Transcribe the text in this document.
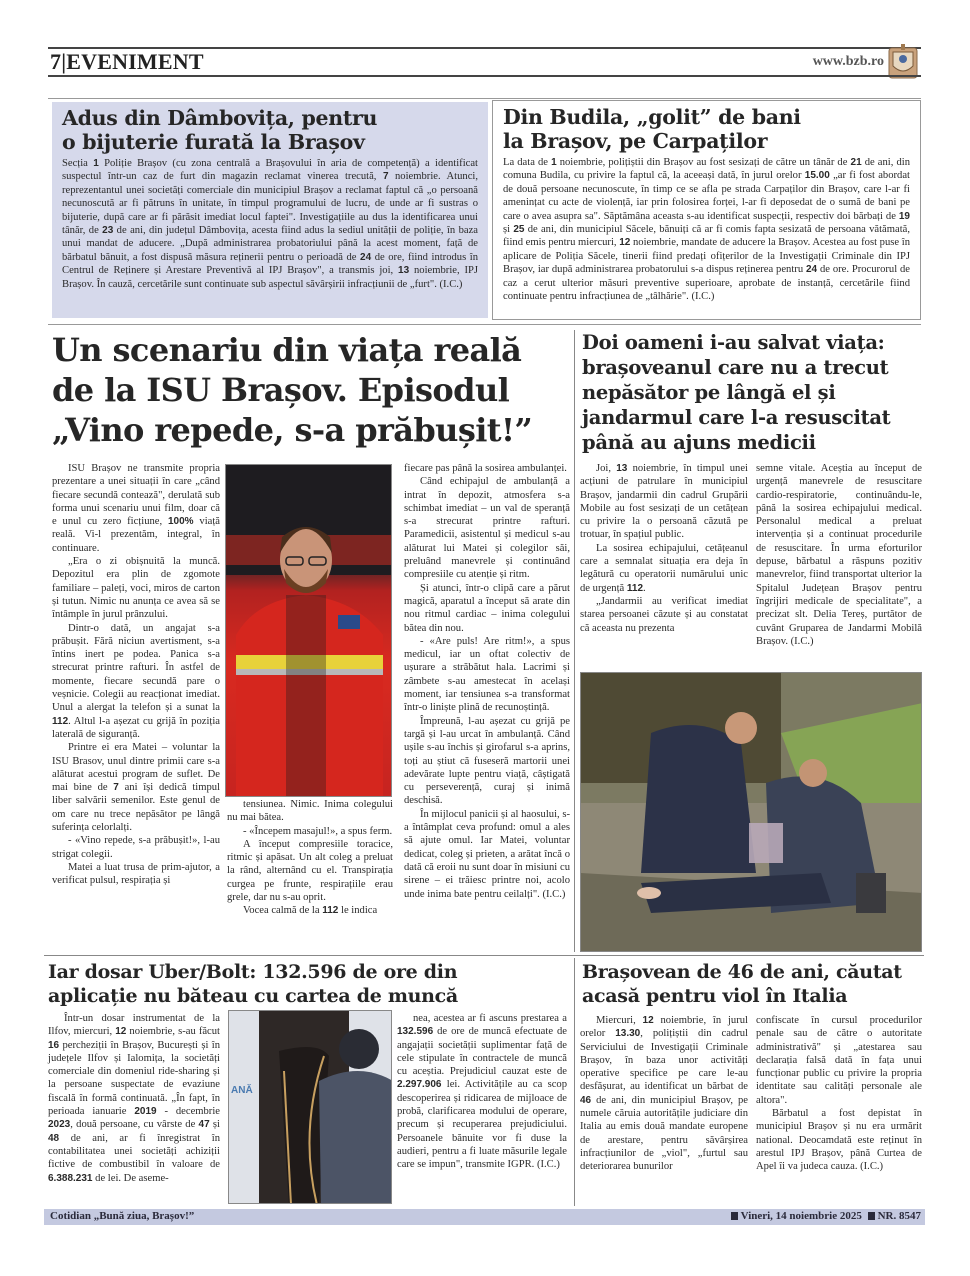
7|EVENIMENT	www.bzb.ro
Adus din Dâmbovița, pentru o bijuterie furată la Brașov
Secția 1 Poliție Brașov (cu zona centrală a Brașovului în aria de competență) a identificat suspectul într-un caz de furt din magazin reclamat vinerea trecută, 7 noiembrie. Atunci, reprezentantul unei societăți comerciale din municipiul Brașov a reclamat faptul că „o persoană necunoscută ar fi pătruns în unitate, în timpul programului de lucru, de unde ar fi sustras o bijuterie, după care ar fi părăsit imediat locul faptei". Investigațiile au dus la identificarea unui tânăr, de 23 de ani, din județul Dâmbovița, acesta fiind adus la sediul unității de poliție, în baza unui mandat de aducere. „După administrarea probatoriului până la acest moment, față de bărbatul bănuit, a fost dispusă măsura reținerii pentru o perioadă de 24 de ore, fiind introdus în Centrul de Reținere și Arestare Preventivă al IPJ Brașov", a transmis joi, 13 noiembrie, IPJ Brașov. În cauză, cercetările sunt continuate sub aspectul săvârșirii infracțiunii de „furt". (I.C.)
Din Budila, „golit” de bani la Brașov, pe Carpaților
La data de 1 noiembrie, polițiștii din Brașov au fost sesizați de către un tânăr de 21 de ani, din comuna Budila, cu privire la faptul că, la aceeași dată, în jurul orelor 15.00 „ar fi fost abordat de două persoane necunoscute, în timp ce se afla pe strada Carpaților din Brașov, care l-ar fi amenințat cu acte de violență, iar prin folosirea forței, l-ar fi deposedat de o sumă de bani pe care o avea asupra sa". Săptămâna aceasta s-au identificat suspecții, respectiv doi bărbați de 19 și 25 de ani, din municipiul Săcele, bănuiți că ar fi comis fapta sesizată de persoana vătămată, fiind emis pentru miercuri, 12 noiembrie, mandate de aducere la Brașov. Acestea au fost puse în aplicare de Poliția Săcele, tinerii fiind predați ofițerilor de la Investigații Criminale din IPJ Brașov, iar după administrarea probatorului s-a dispus reținerea pentru 24 de ore. Procurorul de caz a cerut ulterior măsuri preventive superioare, aprobate de instanță, cercetările fiind continuate pentru infracțiunea de „tâlhărie". (I.C.)
Un scenariu din viața reală de la ISU Brașov. Episodul „Vino repede, s-a prăbușit!”

ISU Brașov ne transmite propria prezentare a unei situații în care „când fiecare secundă contează", derulată sub forma unui scenariu unui film, doar că e unul cu zero ficțiune, 100% viață reală. Vi-l prezentăm, integral, în continuare.

„Era o zi obișnuită la muncă. Depozitul era plin de zgomote familiare – paleți, voci, miros de carton și tutun. Nimic nu anunța ce avea să se întâmple în jurul prânzului.

Dintr-o dată, un angajat s-a prăbușit. Fără niciun avertisment, s-a întins inert pe podea. Panica s-a strecurat printre rafturi. În astfel de momente, fiecare secundă pare o veșnicie. Colegii au reacționat imediat. Unul a alergat la telefon și a sunat la 112. Altul l-a așezat cu grijă în poziția laterală de siguranță.

Printre ei era Matei – voluntar la ISU Brasov, unul dintre primii care s-a alăturat acestui program de suflet. De mai bine de 7 ani își dedică timpul liber salvării semenilor. Este genul de om care nu trece nepăsător pe lângă suferința celorlalți.

- «Vino repede, s-a prăbușit!», l-au strigat colegii.

Matei a luat trusa de prim-ajutor, a verificat pulsul, respirația și

tensiunea. Nimic. Inima colegului nu mai bătea.

- «Începem masajul!», a spus ferm.

A început compresiile toracice, ritmic și apăsat. Un alt coleg a preluat la rând, alternând cu el. Transpirația curgea pe frunte, respirațiile erau grele, dar nu s-au oprit.

Vocea calmă de la 112 le indica

fiecare pas până la sosirea ambulanței.

Când echipajul de ambulanță a intrat în depozit, atmosfera s-a schimbat imediat – un val de speranță s-a strecurat printre rafturi. Paramedicii, asistentul și medicul s-au alăturat lui Matei și colegilor săi, preluând manevrele și continuând compresiile cu atenție și ritm.

Și atunci, într-o clipă care a părut magică, aparatul a început să arate din nou ritmul cardiac – inima colegului bătea din nou.

- «Are puls! Are ritm!», a spus medicul, iar un oftat colectiv de ușurare a străbătut hala. Lacrimi și zâmbete s-au amestecat în același moment, iar tensiunea s-a transformat într-o liniște plină de recunoștință.

Împreună, l-au așezat cu grijă pe targă și l-au urcat în ambulanță. Când ușile s-au închis și girofarul s-a aprins, toți au știut că fuseseră martorii unei adevărate lupte pentru viață, câștigată cu perseverență, curaj și inimă deschisă.

În mijlocul panicii și al haosului, s-a întâmplat ceva profund: omul a ales să ajute omul. Iar Matei, voluntar dedicat, coleg și prieten, a arătat încă o dată că eroii nu sunt doar în misiuni cu sirene – ei trăiesc printre noi, acolo unde inima bate pentru ceilalți". (I.C.)

Doi oameni i-au salvat viața: brașoveanul care nu a trecut nepăsător pe lângă el și jandarmul care l-a resuscitat până au ajuns medicii

Joi, 13 noiembrie, în timpul unei acțiuni de patrulare în municipiul Brașov, jandarmii din cadrul Grupării Mobile au fost sesizați de un cetățean cu privire la o persoană căzută pe trotuar, în spațiul public.

La sosirea echipajului, cetățeanul care a semnalat situația era deja în legătură cu operatorii numărului unic de urgență 112.

„Jandarmii au verificat imediat starea persoanei căzute și au constatat că aceasta nu prezenta

semne vitale. Aceștia au început de urgență manevrele de resuscitare cardio-respiratorie, continuându-le, până la sosirea echipajului medical. Personalul medical a preluat intervenția și a continuat procedurile de resuscitare. În urma eforturilor depuse, bărbatul a răspuns pozitiv manevrelor, fiind transportat ulterior la Spitalul Județean Brașov pentru îngrijiri medicale de specialitate", a precizat slt. Delia Tereș, purtător de cuvânt Gruparea de Jandarmi Mobilă Brașov. (I.C.)

Iar dosar Uber/Bolt: 132.596 de ore din aplicație nu băteau cu cartea de muncă

Într-un dosar instrumentat de la Ilfov, miercuri, 12 noiembrie, s-au făcut 16 percheziții în Brașov, București și în județele Ilfov și Ialomița, la societăți comerciale din domeniul ride-sharing și la persoane suspectate de evaziune fiscală în formă continuată. „În fapt, în perioada ianuarie 2019 - decembrie 2023, două persoane, cu vârste de 47 și 48 de ani, ar fi înregistrat în contabilitatea unei societăți achiziții fictive de combustibil în valoare de 6.388.231 de lei. De aseme-

ANĂ

nea, acestea ar fi ascuns prestarea a 132.596 de ore de muncă efectuate de angajații societății suplimentar față de cele stipulate în contractele de muncă cu aceștia. Prejudiciul cauzat este de 2.297.906 lei. Activitățile au ca scop descoperirea și ridicarea de mijloace de probă, clarificarea modului de operare, precum și recuperarea prejudiciului. Persoanele bănuite vor fi duse la audieri, pentru a fi luate măsurile legale care se impun", transmite IGPR. (I.C.)

Brașovean de 46 de ani, căutat acasă pentru viol în Italia

Miercuri, 12 noiembrie, în jurul orelor 13.30, polițiștii din cadrul Serviciului de Investigații Criminale Brașov, în baza unor activități operative specifice pe care le-au desfășurat, au identificat un bărbat de 46 de ani, din municipiul Brașov, pe numele căruia autoritățile judiciare din Italia au emis două mandate europene de arestare, pentru săvârșirea infracțiunilor de „viol", „furtul sau deteriorarea bunurilor

confiscate în cursul procedurilor penale sau de către o autoritate administrativă" și „atestarea sau declarația falsă dată în fața unui funcționar public cu privire la propria identitate sau calități personale ale altora".

Bărbatul a fost depistat în municipiul Brașov și nu era urmărit national. Deocamdată este reținut în arestul IPJ Brașov, până Curtea de Apel îi va judeca cauza. (I.C.)

Cotidian „Bună ziua, Brașov!”	Vineri, 14 noiembrie 2025 NR. 8547
